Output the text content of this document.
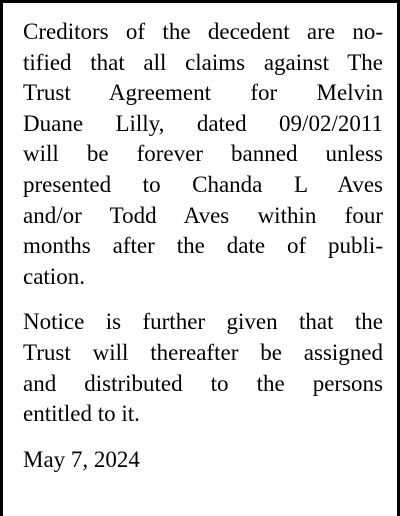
Creditors of the decedent are no-
tified that all claims against The
Trust Agreement for Melvin
Duane Lilly, dated 09/02/2011
will be forever banned unless
presented to Chanda L Aves
and/or Todd Aves within four
months after the date of publi-
cation.
Notice is further given that the
Trust will thereafter be assigned
and distributed to the persons
entitled to it.
May 7, 2024
